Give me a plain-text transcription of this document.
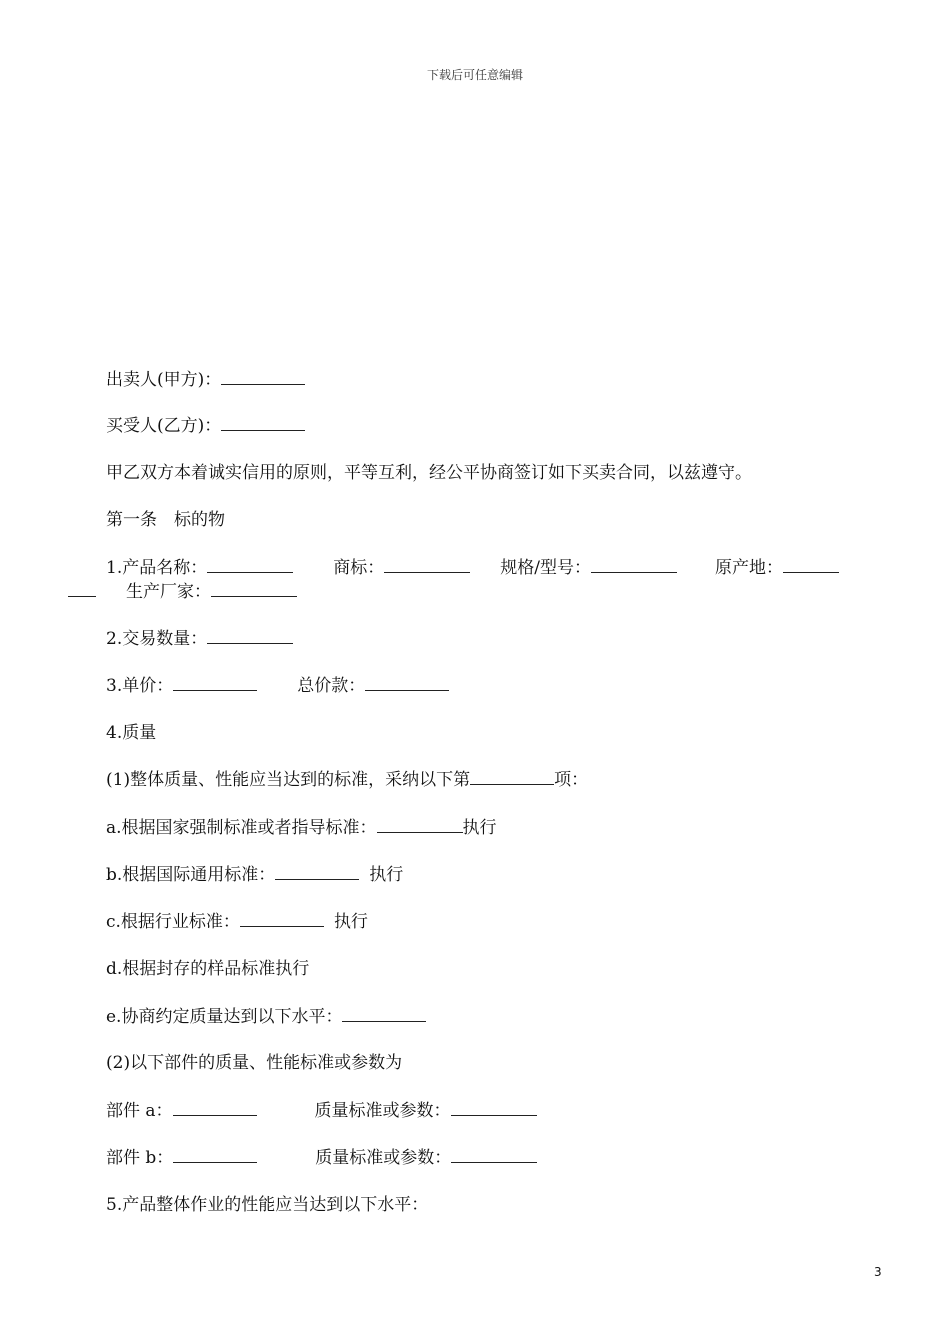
下载后可任意编辑
出卖人(甲方)：
买受人(乙方)：
甲乙双方本着诚实信用的原则，平等互利，经公平协商签订如下买卖合同，以兹遵守。
第一条　标的物
1.产品名称：	商标：	规格/型号：	原产地：
生产厂家：
2.交易数量：
3.单价：	总价款：
4.质量
(1)整体质量、性能应当达到的标准，采纳以下第	项：
a.根据国家强制标准或者指导标准：	执行
b.根据国际通用标准：	执行
c.根据行业标准：	执行
d.根据封存的样品标准执行
e.协商约定质量达到以下水平：
(2)以下部件的质量、性能标准或参数为
部件 a：	质量标准或参数：
部件 b：	质量标准或参数：
5.产品整体作业的性能应当达到以下水平：
3
